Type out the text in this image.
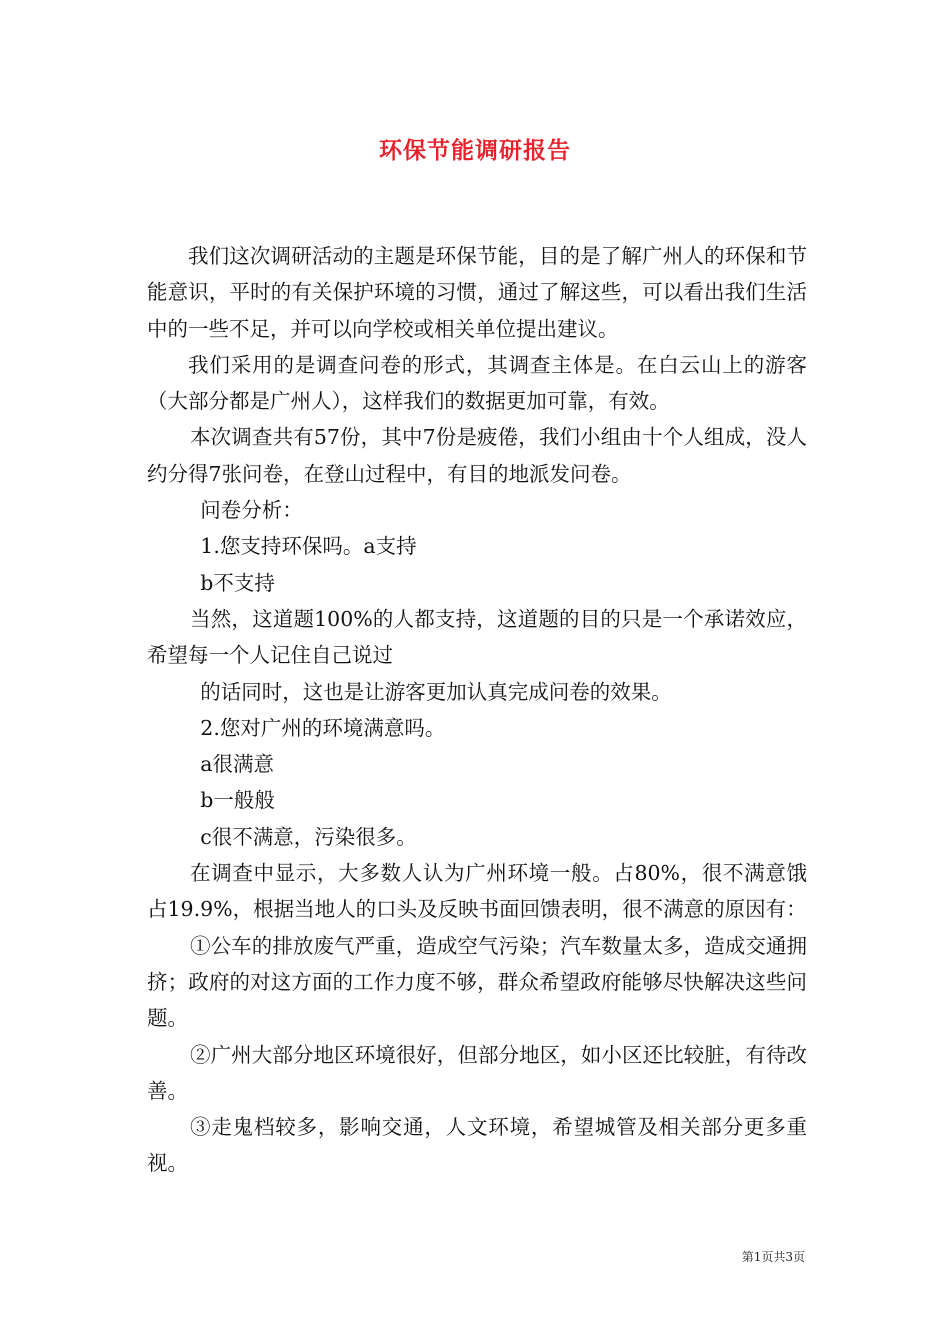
环保节能调研报告

我们这次调研活动的主题是环保节能，目的是了解广州人的环保和节能意识，平时的有关保护环境的习惯，通过了解这些，可以看出我们生活中的一些不足，并可以向学校或相关单位提出建议。

我们采用的是调查问卷的形式，其调查主体是。在白云山上的游客（大部分都是广州人），这样我们的数据更加可靠，有效。

本次调查共有57份，其中7份是疲倦，我们小组由十个人组成，没人约分得7张问卷，在登山过程中，有目的地派发问卷。

问卷分析：

1.您支持环保吗。a支持

b不支持

当然，这道题100%的人都支持，这道题的目的只是一个承诺效应，希望每一个人记住自己说过

的话同时，这也是让游客更加认真完成问卷的效果。

2.您对广州的环境满意吗。

a很满意

b一般般

c很不满意，污染很多。

在调查中显示，大多数人认为广州环境一般。占80%，很不满意饿占19.9%，根据当地人的口头及反映书面回馈表明，很不满意的原因有：

①公车的排放废气严重，造成空气污染；汽车数量太多，造成交通拥挤；政府的对这方面的工作力度不够，群众希望政府能够尽快解决这些问题。

②广州大部分地区环境很好，但部分地区，如小区还比较脏，有待改善。

③走鬼档较多，影响交通，人文环境，希望城管及相关部分更多重视。

第1页共3页
